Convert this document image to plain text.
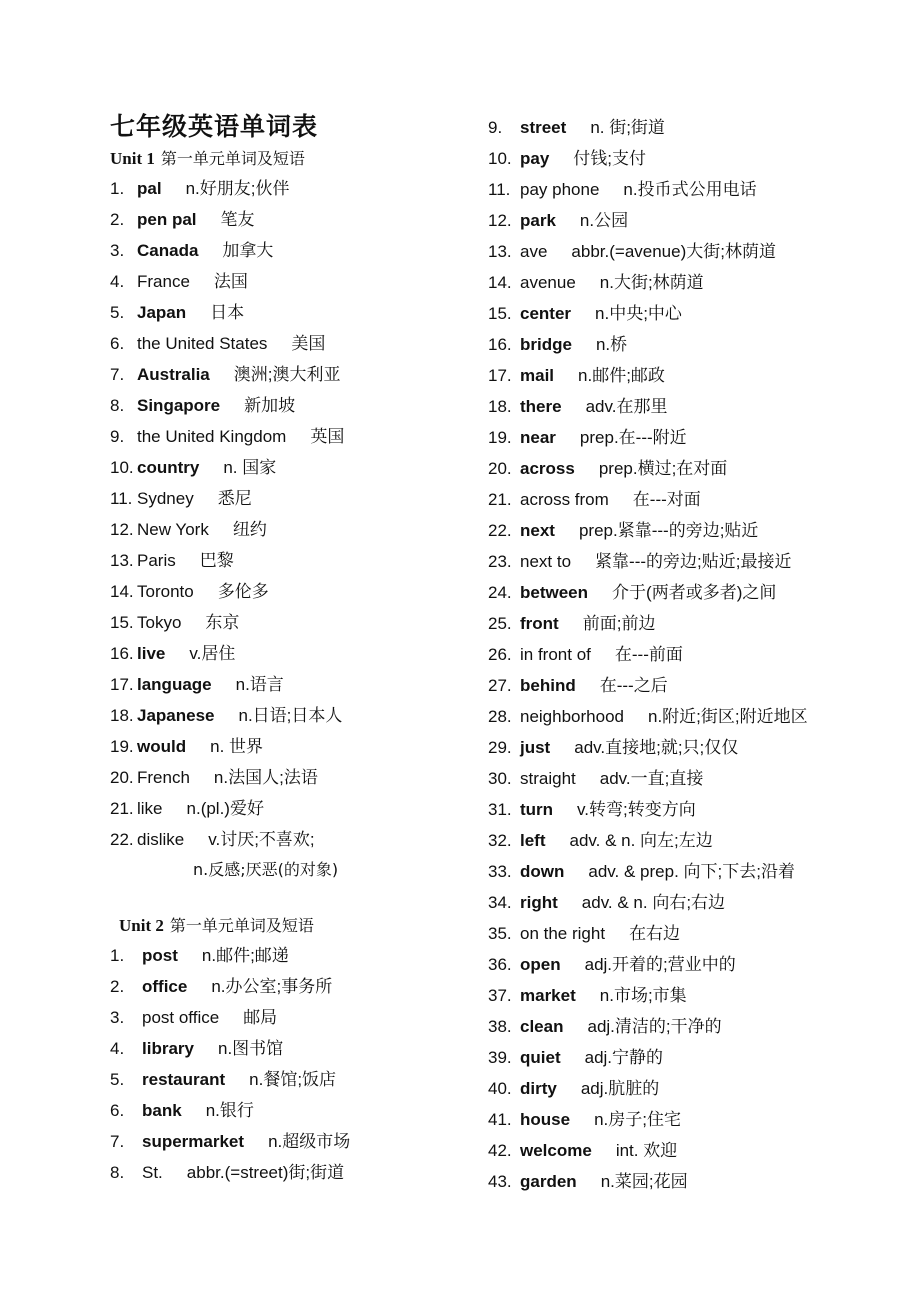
七年级英语单词表
Unit 1 第一单元单词及短语
1. pal n.好朋友;伙伴
2. pen pal 笔友
3. Canada 加拿大
4. France 法国
5. Japan 日本
6. the United States 美国
7. Australia 澳洲;澳大利亚
8. Singapore 新加坡
9. the United Kingdom 英国
10. country n. 国家
11. Sydney 悉尼
12. New York 纽约
13. Paris 巴黎
14. Toronto 多伦多
15. Tokyo 东京
16. live v.居住
17. language n.语言
18. Japanese n.日语;日本人
19. would n. 世界
20. French n.法国人;法语
21. like n.(pl.)爱好
22. dislike v.讨厌;不喜欢;
1. post n.邮件;邮递
2. office n.办公室;事务所
3. post office 邮局
4. library n.图书馆
5. restaurant n.餐馆;饭店
6. bank n.银行
7. supermarket n.超级市场
8. St. abbr.(=street)街;街道
9. street n. 街;街道
10. pay 付钱;支付
11. pay phone n.投币式公用电话
12. park n.公园
13. ave abbr.(=avenue)大街;林荫道
14. avenue n.大街;林荫道
15. center n.中央;中心
16. bridge n.桥
17. mail n.邮件;邮政
18. there adv.在那里
19. near prep.在---附近
20. across prep.横过;在对面
21. across from 在---对面
22. next prep.紧靠---的旁边;贴近
23. next to 紧靠---的旁边;贴近;最接近
24. between 介于(两者或多者)之间
25. front 前面;前边
26. in front of 在---前面
27. behind 在---之后
28. neighborhood n.附近;街区;附近地区
29. just adv.直接地;就;只;仅仅
30. straight adv.一直;直接
31. turn v.转弯;转变方向
32. left adv. & n. 向左;左边
33. down adv. & prep. 向下;下去;沿着
34. right adv. & n. 向右;右边
35. on the right 在右边
36. open adj.开着的;营业中的
37. market n.市场;市集
38. clean adj.清洁的;干净的
39. quiet adj.宁静的
40. dirty adj.肮脏的
41. house n.房子;住宅
42. welcome int. 欢迎
43. garden n.菜园;花园
n.反感;厌恶(的对象)
Unit 2 第一单元单词及短语
